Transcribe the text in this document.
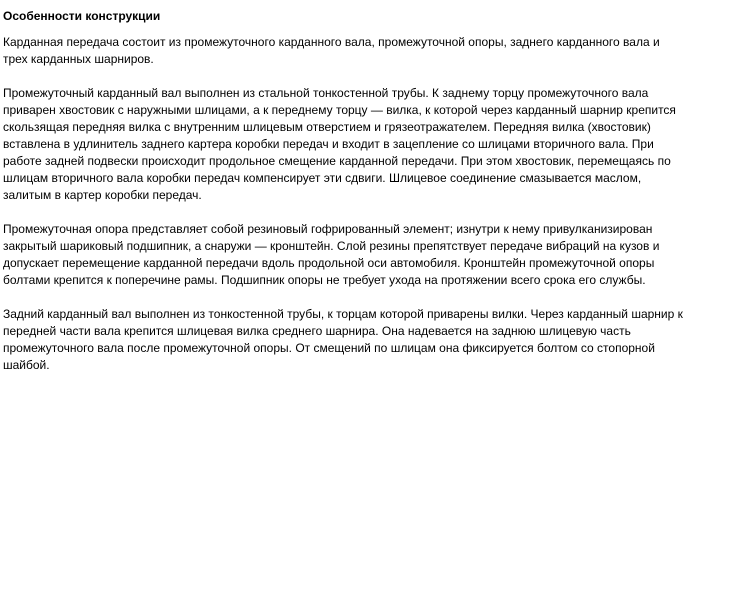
Особенности конструкции

Карданная передача состоит из промежуточного карданного вала, промежуточной опоры, заднего карданного вала и
трех карданных шарниров.

Промежуточный карданный вал выполнен из стальной тонкостенной трубы. К заднему торцу промежуточного вала
приварен хвостовик с наружными шлицами, а к переднему торцу — вилка, к которой через карданный шарнир крепится
скользящая передняя вилка с внутренним шлицевым отверстием и грязеотражателем. Передняя вилка (хвостовик)
вставлена в удлинитель заднего картера коробки передач и входит в зацепление со шлицами вторичного вала. При
работе задней подвески происходит продольное смещение карданной передачи. При этом хвостовик, перемещаясь по
шлицам вторичного вала коробки передач компенсирует эти сдвиги. Шлицевое соединение смазывается маслом,
залитым в картер коробки передач.

Промежуточная опора представляет собой резиновый гофрированный элемент; изнутри к нему привулканизирован
закрытый шариковый подшипник, а снаружи — кронштейн. Слой резины препятствует передаче вибраций на кузов и
допускает перемещение карданной передачи вдоль продольной оси автомобиля. Кронштейн промежуточной опоры
болтами крепится к поперечине рамы. Подшипник опоры не требует ухода на протяжении всего срока его службы.

Задний карданный вал выполнен из тонкостенной трубы, к торцам которой приварены вилки. Через карданный шарнир к
передней части вала крепится шлицевая вилка среднего шарнира. Она надевается на заднюю шлицевую часть
промежуточного вала после промежуточной опоры. От смещений по шлицам она фиксируется болтом со стопорной
шайбой.
